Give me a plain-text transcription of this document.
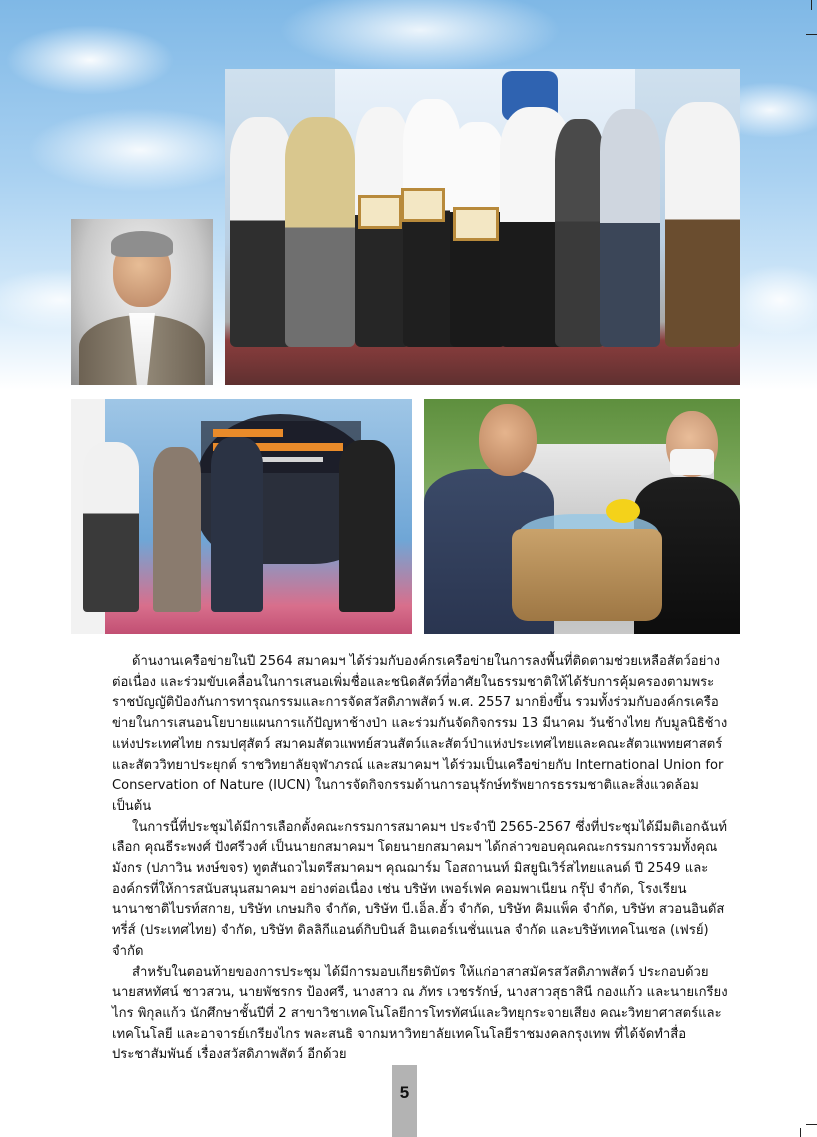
ด้านงานเครือข่ายในปี 2564 สมาคมฯ ได้ร่วมกับองค์กรเครือข่ายในการลงพื้นที่ติดตามช่วยเหลือสัตว์อย่างต่อเนื่อง และร่วมขับเคลื่อนในการเสนอเพิ่มชื่อและชนิดสัตว์ที่อาศัยในธรรมชาติให้ได้รับการคุ้มครองตามพระราชบัญญัติป้องกันการทารุณกรรมและการจัดสวัสดิภาพสัตว์ พ.ศ. 2557 มากยิ่งขึ้น รวมทั้งร่วมกับองค์กรเครือข่ายในการเสนอนโยบายแผนการแก้ปัญหาช้างป่า และร่วมกันจัดกิจกรรม 13 มีนาคม วันช้างไทย กับมูลนิธิช้างแห่งประเทศไทย กรมปศุสัตว์ สมาคมสัตวแพทย์สวนสัตว์และสัตว์ป่าแห่งประเทศไทยและคณะสัตวแพทยศาสตร์และสัตววิทยาประยุกต์ ราชวิทยาลัยจุฬาภรณ์ และสมาคมฯ ได้ร่วมเป็นเครือข่ายกับ International Union for Conservation of Nature (IUCN) ในการจัดกิจกรรมด้านการอนุรักษ์ทรัพยากรธรรมชาติและสิ่งแวดล้อม เป็นต้น

ในการนี้ที่ประชุมได้มีการเลือกตั้งคณะกรรมการสมาคมฯ ประจำปี 2565-2567 ซึ่งที่ประชุมได้มีมติเอกฉันท์เลือก คุณธีระพงศ์ ปังศรีวงศ์ เป็นนายกสมาคมฯ โดยนายกสมาคมฯ ได้กล่าวขอบคุณคณะกรรมการรวมทั้งคุณมังกร (ปภาวิน หงษ์ขจร) ทูตสันถวไมตรีสมาคมฯ คุณฌาร์ม โอสถานนท์ มิสยูนิเวิร์สไทยแลนด์ ปี 2549 และองค์กรที่ให้การสนับสนุนสมาคมฯ อย่างต่อเนื่อง เช่น บริษัท เพอร์เฟค คอมพาเนียน กรุ๊ป จำกัด, โรงเรียนนานาชาติไบรท์สกาย, บริษัท เกษมกิจ จำกัด, บริษัท บี.เอ็ล.ฮั้ว จำกัด, บริษัท คิมแพ็ค จำกัด, บริษัท สวอนอินดัสทรี่ส์ (ประเทศไทย) จำกัด, บริษัท ดิลลิกีแอนด์กิบบินส์ อินเตอร์เนชั่นแนล จำกัด และบริษัทเทคโนเซล (เฟรย์) จำกัด

สำหรับในตอนท้ายของการประชุม ได้มีการมอบเกียรติบัตร ให้แก่อาสาสมัครสวัสดิภาพสัตว์ ประกอบด้วยนายสหทัศน์ ชาวสวน, นายพัชรกร ป้องศรี, นางสาว ณ ภัทร เวชรรักษ์, นางสาวสุธาสินี กองแก้ว และนายเกรียงไกร พิกุลแก้ว นักศึกษาชั้นปีที่ 2 สาขาวิชาเทคโนโลยีการโทรทัศน์และวิทยุกระจายเสียง คณะวิทยาศาสตร์และเทคโนโลยี และอาจารย์เกรียงไกร พละสนธิ จากมหาวิทยาลัยเทคโนโลยีราชมงคลกรุงเทพ ที่ได้จัดทำสื่อประชาสัมพันธ์ เรื่องสวัสดิภาพสัตว์ อีกด้วย

5
